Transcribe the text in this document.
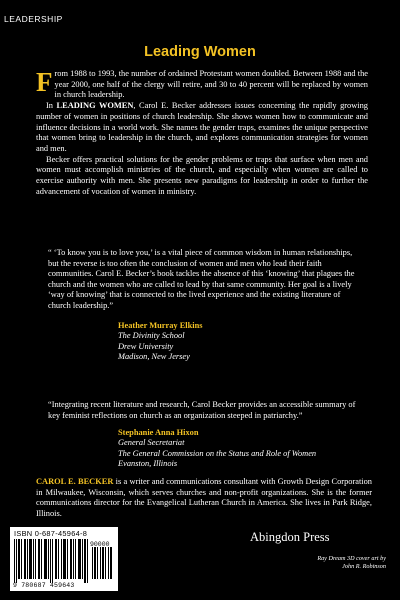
LEADERSHIP
Leading Women

From 1988 to 1993, the number of ordained Protestant women doubled. Between 1988 and the year 2000, one half of the clergy will retire, and 30 to 40 percent will be replaced by women in church leadership.

In LEADING WOMEN, Carol E. Becker addresses issues concerning the rapidly growing number of women in positions of church leadership. She shows women how to communicate and influence decisions in a world work. She names the gender traps, examines the unique perspective that women bring to leadership in the church, and explores communication strategies for women and men.

Becker offers practical solutions for the gender problems or traps that surface when men and women must accomplish ministries of the church, and especially when women are called to exercise authority with men. She presents new paradigms for leadership in order to further the advancement of vocation of women in ministry.

“ ‘To know you is to love you,’ is a vital piece of common wisdom in human relationships, but the reverse is too often the conclusion of women and men who lead their faith communities. Carol E. Becker’s book tackles the absence of this ‘knowing’ that plagues the church and the women who are called to lead by that same community. Her goal is a lively ‘way of knowing’ that is connected to the lived experience and the existing literature of church leadership.”
Heather Murray Elkins
The Divinity School
Drew University
Madison, New Jersey
“Integrating recent literature and research, Carol Becker provides an accessible summary of key feminist reflections on church as an organization steeped in patriarchy.”
Stephanie Anna Hixon
General Secretariat
The General Commission on the Status and Role of Women
Evanston, Illinois
CAROL E. BECKER is a writer and communications consultant with Growth Design Corporation in Milwaukee, Wisconsin, which serves churches and non-profit organizations. She is the former communications director for the Evangelical Lutheran Church in America. She lives in Park Ridge, Illinois.
ISBN 0-687-45964-8
90000
9 780687 459643
Abingdon Press
Ray Dream 3D cover art by
John R. Robinson
